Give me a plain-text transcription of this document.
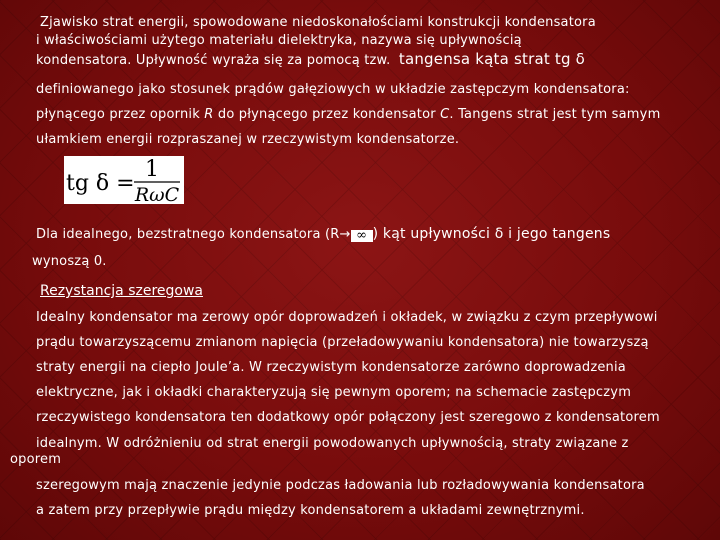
Zjawisko strat energii, spowodowane niedoskonałościami konstrukcji kondensatora
i właściwościami użytego materiału dielektryka, nazywa się upływnością
kondensatora. Upływność wyraża się za pomocą tzw. tangensa kąta strat tg δ
definiowanego jako stosunek prądów gałęziowych w układzie zastępczym kondensatora:
płynącego przez opornik R do płynącego przez kondensator C. Tangens strat jest tym samym
ułamkiem energii rozpraszanej w rzeczywistym kondensatorze.
tg δ =
1
RωC
Dla idealnego, bezstratnego kondensatora (R→ ∞ ) kąt upływności δ i jego tangens
wynoszą 0.
Rezystancja szeregowa
Idealny kondensator ma zerowy opór doprowadzeń i okładek, w związku z czym przepływowi
prądu towarzyszącemu zmianom napięcia (przeładowywaniu kondensatora) nie towarzyszą
straty energii na ciepło Joule’a. W rzeczywistym kondensatorze zarówno doprowadzenia
elektryczne, jak i okładki charakteryzują się pewnym oporem; na schemacie zastępczym
rzeczywistego kondensatora ten dodatkowy opór połączony jest szeregowo z kondensatorem
idealnym. W odróżnieniu od strat energii powodowanych upływnością, straty związane z
oporem
szeregowym mają znaczenie jedynie podczas ładowania lub rozładowywania kondensatora
a zatem przy przepływie prądu między kondensatorem a układami zewnętrznymi.
